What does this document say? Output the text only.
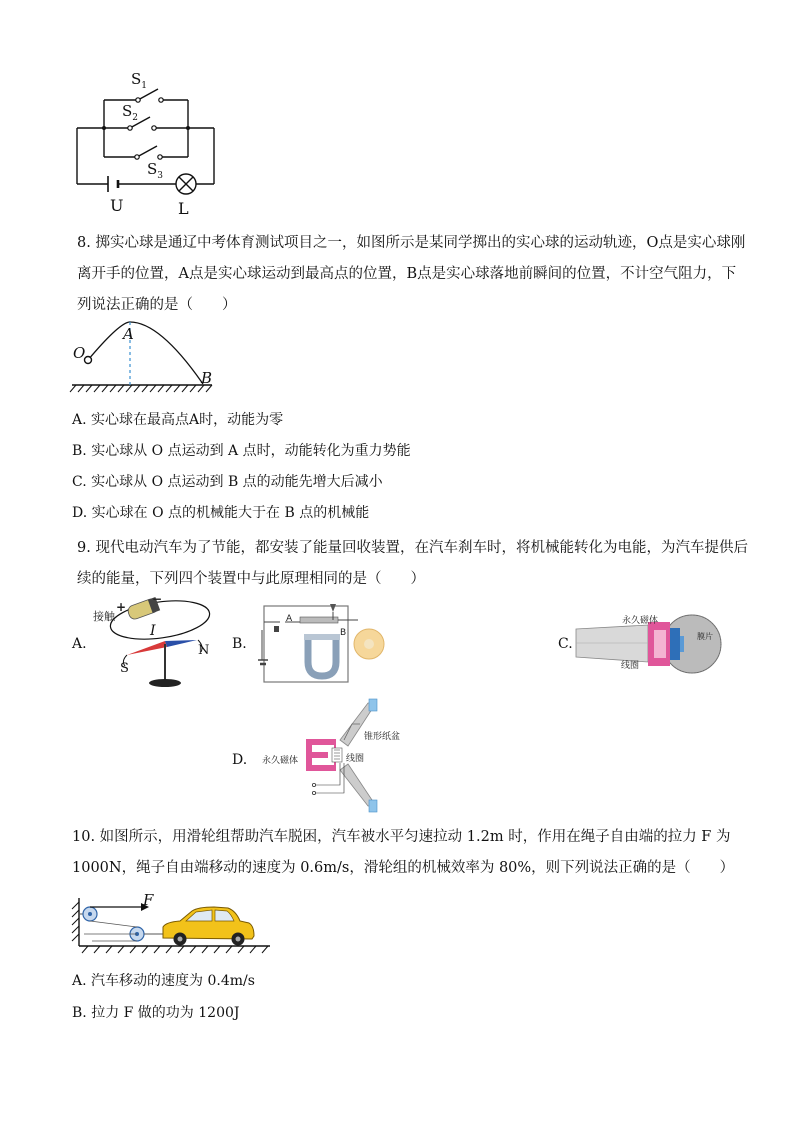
$S_1$
$S_2$
$S_3$
U	L
8. 掷实心球是通辽中考体育测试项目之一，如图所示是某同学掷出的实心球的运动轨迹，O点是实心球刚
离开手的位置，A点是实心球运动到最高点的位置，B点是实心球落地前瞬间的位置，不计空气阻力，下
列说法正确的是（　　）
O
A
B
A. 实心球在最高点A时，动能为零
B. 实心球从 O 点运动到 A 点时，动能转化为重力势能
C. 实心球从 O 点运动到 B 点的动能先增大后减小
D. 实心球在 O 点的机械能大于在 B 点的机械能
9. 现代电动汽车为了节能，都安装了能量回收装置，在汽车刹车时，将机械能转化为电能，为汽车提供后
续的能量，下列四个装置中与此原理相同的是（　　）
A.
接触
+
−
I
N
S
B.
A
B
C.
永久磁体
线圈
膜片
D. 永久磁体
锥形纸盆
线圈
10. 如图所示，用滑轮组帮助汽车脱困，汽车被水平匀速拉动 1.2m 时，作用在绳子自由端的拉力 F 为
1000N，绳子自由端移动的速度为 0.6m/s，滑轮组的机械效率为 80%，则下列说法正确的是（　　）
F
A. 汽车移动的速度为 0.4m/s
B. 拉力 F 做的功为 1200J
